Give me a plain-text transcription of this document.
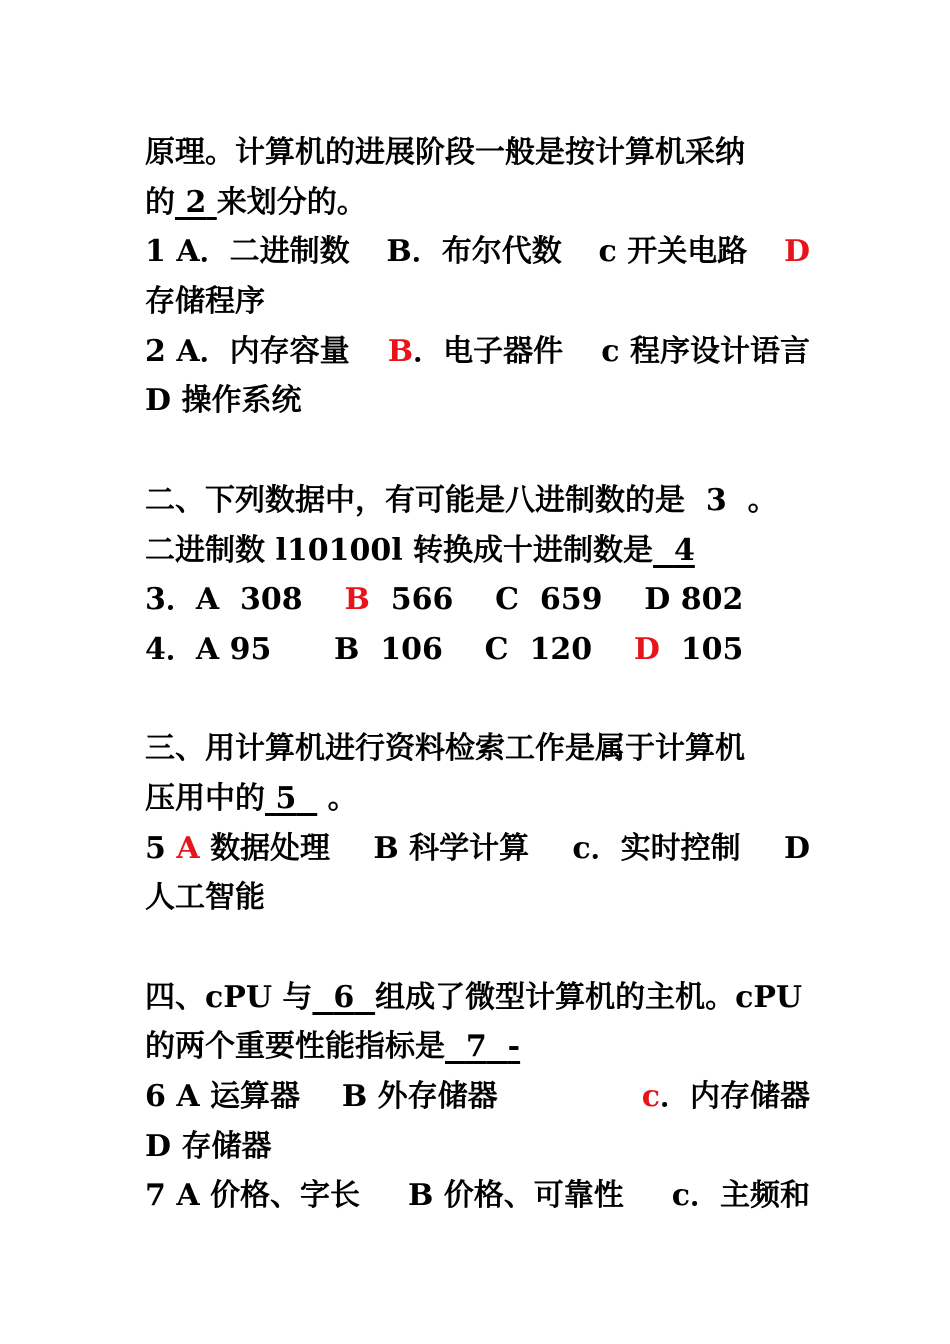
原理。计算机的进展阶段一般是按计算机采纳
的 2 来划分的。
1 A．二进制数 B．布尔代数 c 开关电路 D
存储程序
2 A．内存容量 B．电子器件 c 程序设计语言
D 操作系统
二、下列数据中，有可能是八进制数的是 3 。
二进制数 l10100l 转换成十进制数是 4
3．A 308 B 566 C 659 D 802
4．A 95 B 106 C 120 D 105
三、用计算机进行资料检索工作是属于计算机
压用中的 5 。
5 A 数据处理 B 科学计算 c．实时控制 D
人工智能
四、cPU 与 6 组成了微型计算机的主机。cPU
的两个重要性能指标是 7 -
6 A 运算器 B 外存储器	c．内存储器
D 存储器
7 A 价格、字长 B 价格、可靠性 c．主频和
